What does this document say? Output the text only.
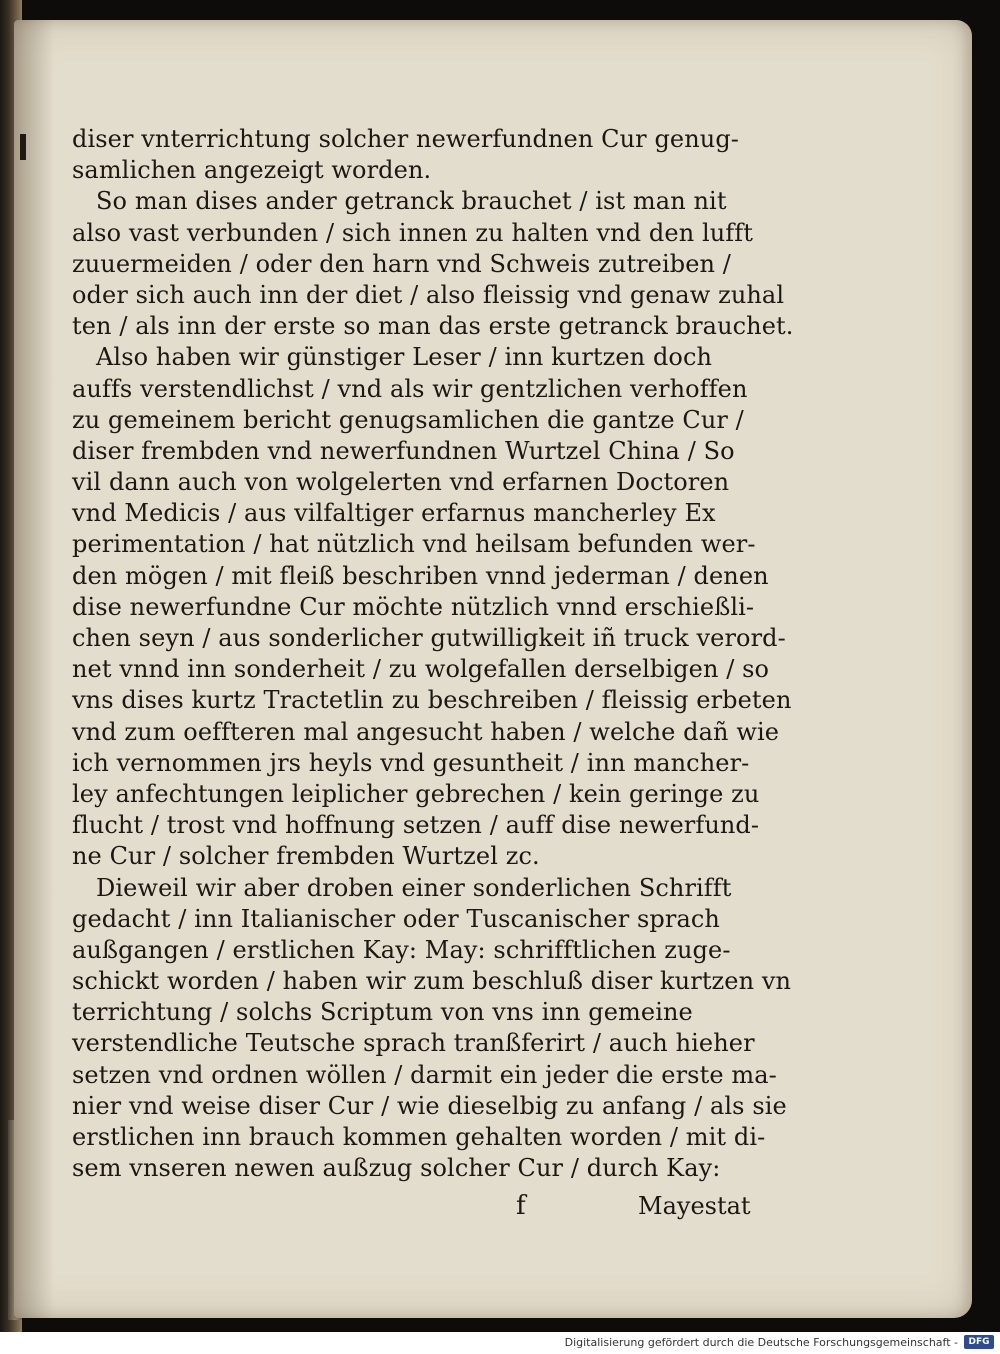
diser vnterrichtung solcher newerfundnen Cur genug-
samlichen angezeigt worden.
So man dises ander getranck brauchet / ist man nit
also vast verbunden / sich innen zu halten vnd den lufft
zuuermeiden / oder den harn vnd Schweis zutreiben /
oder sich auch inn der diet / also fleissig vnd genaw zuhal
ten / als inn der erste so man das erste getranck brauchet.
Also haben wir günstiger Leser / inn kurtzen doch
auffs verstendlichst / vnd als wir gentzlichen verhoffen
zu gemeinem bericht genugsamlichen die gantze Cur /
diser frembden vnd newerfundnen Wurtzel China / So
vil dann auch von wolgelerten vnd erfarnen Doctoren
vnd Medicis / aus vilfaltiger erfarnus mancherley Ex
perimentation / hat nützlich vnd heilsam befunden wer-
den mögen / mit fleiß beschriben vnnd jederman / denen
dise newerfundne Cur möchte nützlich vnnd erschießli-
chen seyn / aus sonderlicher gutwilligkeit iñ truck verord-
net vnnd inn sonderheit / zu wolgefallen derselbigen / so
vns dises kurtz Tractetlin zu beschreiben / fleissig erbeten
vnd zum oeffteren mal angesucht haben / welche dañ wie
ich vernommen jrs heyls vnd gesuntheit / inn mancher-
ley anfechtungen leiplicher gebrechen / kein geringe zu
flucht / trost vnd hoffnung setzen / auff dise newerfund-
ne Cur / solcher frembden Wurtzel zc.
Dieweil wir aber droben einer sonderlichen Schrifft
gedacht / inn Italianischer oder Tuscanischer sprach
außgangen / erstlichen Kay: May: schrifftlichen zuge-
schickt worden / haben wir zum beschluß diser kurtzen vn
terrichtung / solchs Scriptum von vns inn gemeine
verstendliche Teutsche sprach tranßferirt / auch hieher
setzen vnd ordnen wöllen / darmit ein jeder die erste ma-
nier vnd weise diser Cur / wie dieselbig zu anfang / als sie
erstlichen inn brauch kommen gehalten worden / mit di-
sem vnseren newen außzug solcher Cur / durch Kay:
f	Mayestat
Digitalisierung gefördert durch die Deutsche Forschungsgemeinschaft -	DFG
